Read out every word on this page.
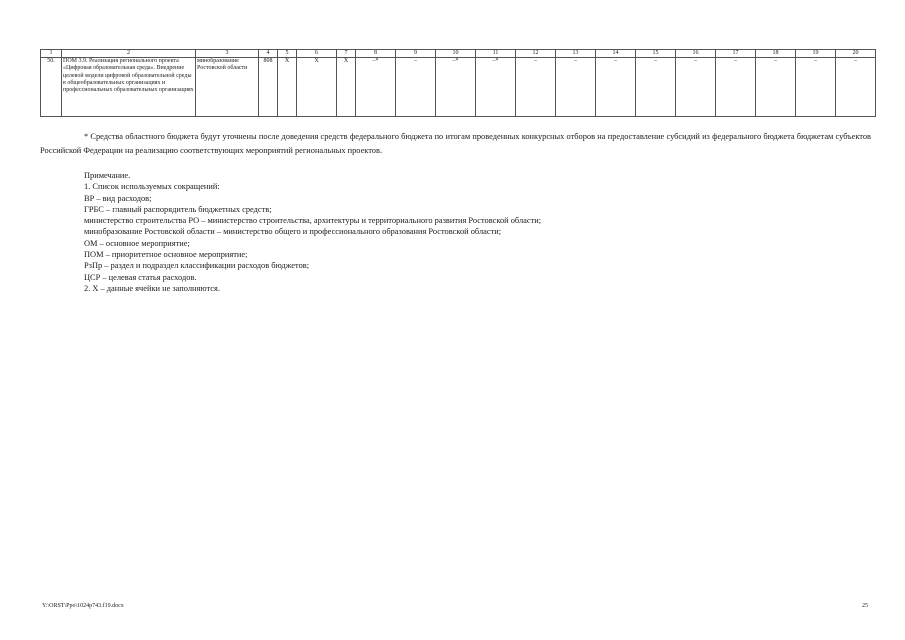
1	2	3	4	5	6	7	8	9	10	11	12	13	14	15	16	17	18	19	20
50.	ПОМ 3.9. Реализация регионального проекта «Цифровая образовательная среда». Внедрение целевой модели цифровой образовательной среды в общеобразовательных организациях и профессиональных образовательных организациях	минобразование Ростовской области	808	Х	Х	Х	–*	–	–*	–*	–	–	–	–	–	–	–	–	–
* Средства областного бюджета будут уточнены после доведения средств федерального бюджета по итогам проведенных конкурсных отборов на предоставление субсидий из федерального бюджета бюджетам субъектов Российской Федерации на реализацию соответствующих мероприятий региональных проектов.
Примечание.
1. Список используемых сокращений:
ВР – вид расходов;
ГРБС – главный распорядитель бюджетных средств;
министерство строительства РО – министерство строительства, архитектуры и территориального развития Ростовской области;
минобразование Ростовской области – министерство общего и профессионального образования Ростовской области;
ОМ – основное мероприятие;
ПОМ – приоритетное основное мероприятие;
РзПр – раздел и подраздел классификации расходов бюджетов;
ЦСР – целевая статья расходов.
2. Х – данные ячейки не заполняются.
Y:\ORST\Ppo\1024p743.f19.docx	25
